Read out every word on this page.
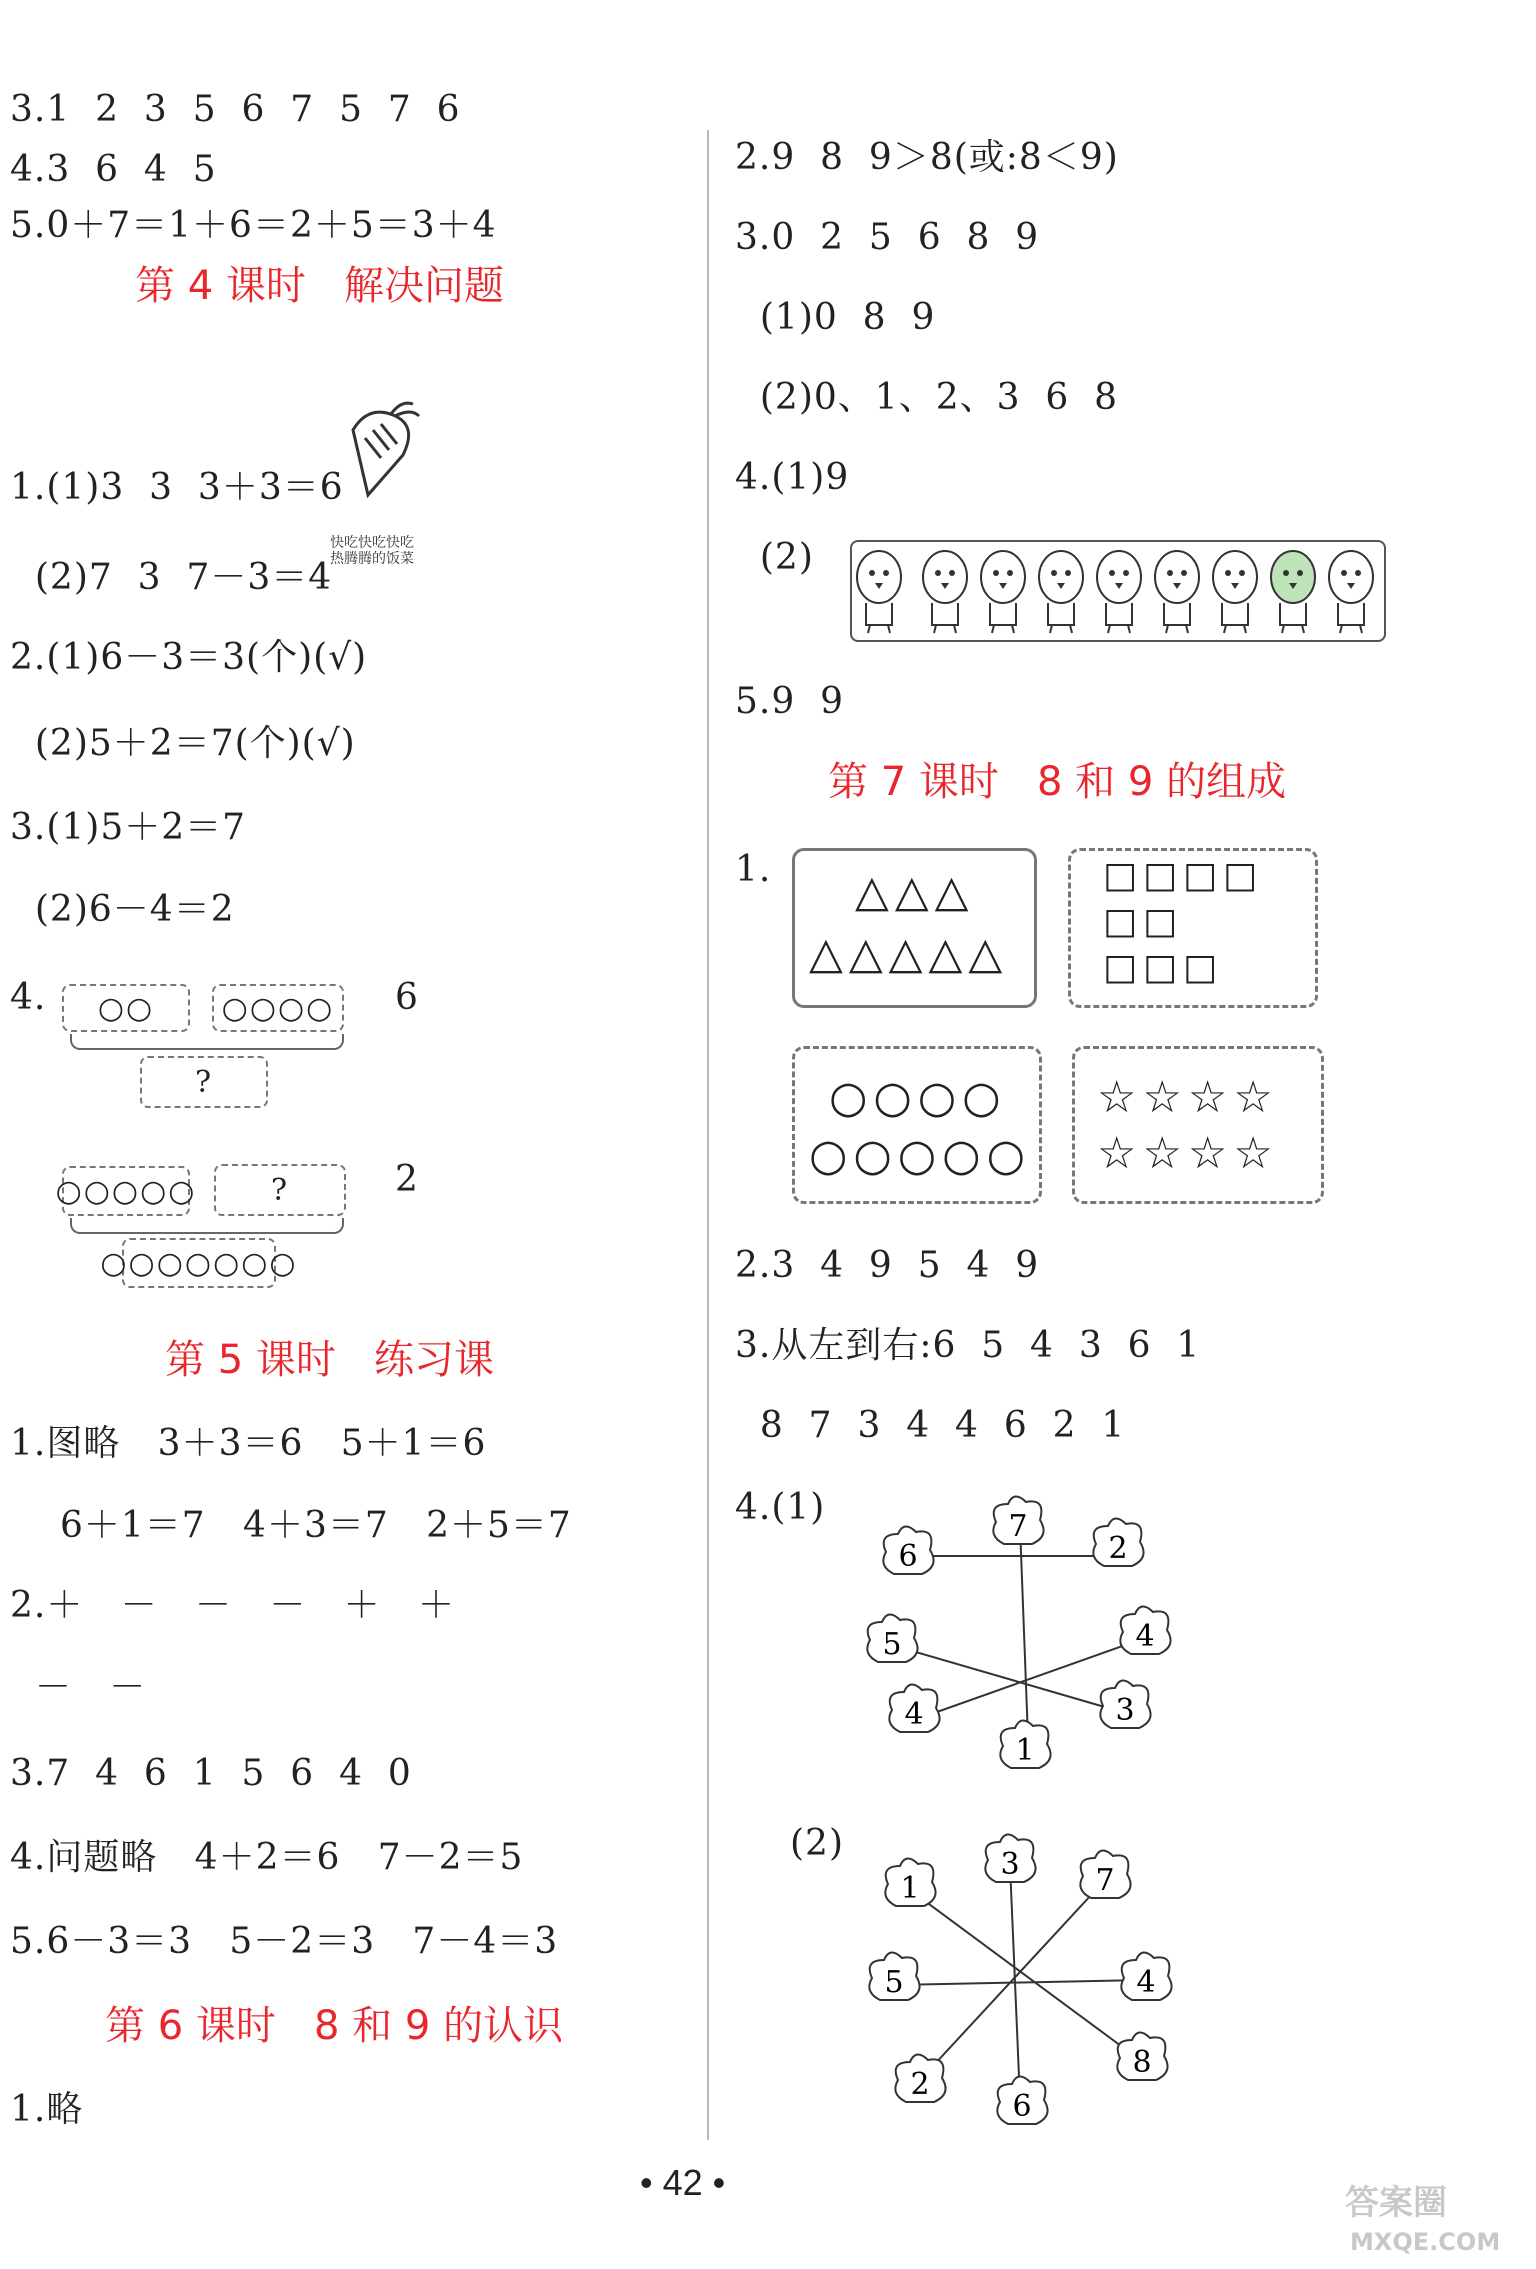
3.1  2  3  5  6  7  5  7  6
4.3  6  4  5
5.0＋7＝1＋6＝2＋5＝3＋4
第 4 课时   解决问题
快吃快吃快吃
热腾腾的饭菜
1.(1)3  3  3＋3＝6
(2)7  3  7－3＝4
2.(1)6－3＝3(个)(√)
(2)5＋2＝7(个)(√)
3.(1)5＋2＝7
(2)6－4＝2
4.	○○	○○○○
?
6
○○○○○	?
○○○○○○○
2
第 5 课时   练习课
1.图略   3＋3＝6   5＋1＝6
6＋1＝7   4＋3＝7   2＋5＝7
2.＋   －   －   －   ＋   ＋
－   －
3.7  4  6  1  5  6  4  0
4.问题略   4＋2＝6   7－2＝5
5.6－3＝3   5－2＝3   7－4＝3
第 6 课时   8 和 9 的认识
1.略
2.9  8  9＞8(或:8＜9)
3.0  2  5  6  8  9
(1)0  8  9
(2)0、1、2、3  6  8
4.(1)9
(2)
5.9  9
第 7 课时   8 和 9 的组成
1. △△△
△△△△△
□□□□
□□
□□□
○○○○
○○○○○
☆☆☆☆
☆☆☆☆
2.3  4  9  5  4  9
3.从左到右:6  5  4  3  6  1
8  7  3  4  4  6  2  1
4.(1)	7
2
6
5	4
4	3
1
(2)
3	7
1
5	4
2
8
6
• 42 •	答案圈
MXQE.COM
